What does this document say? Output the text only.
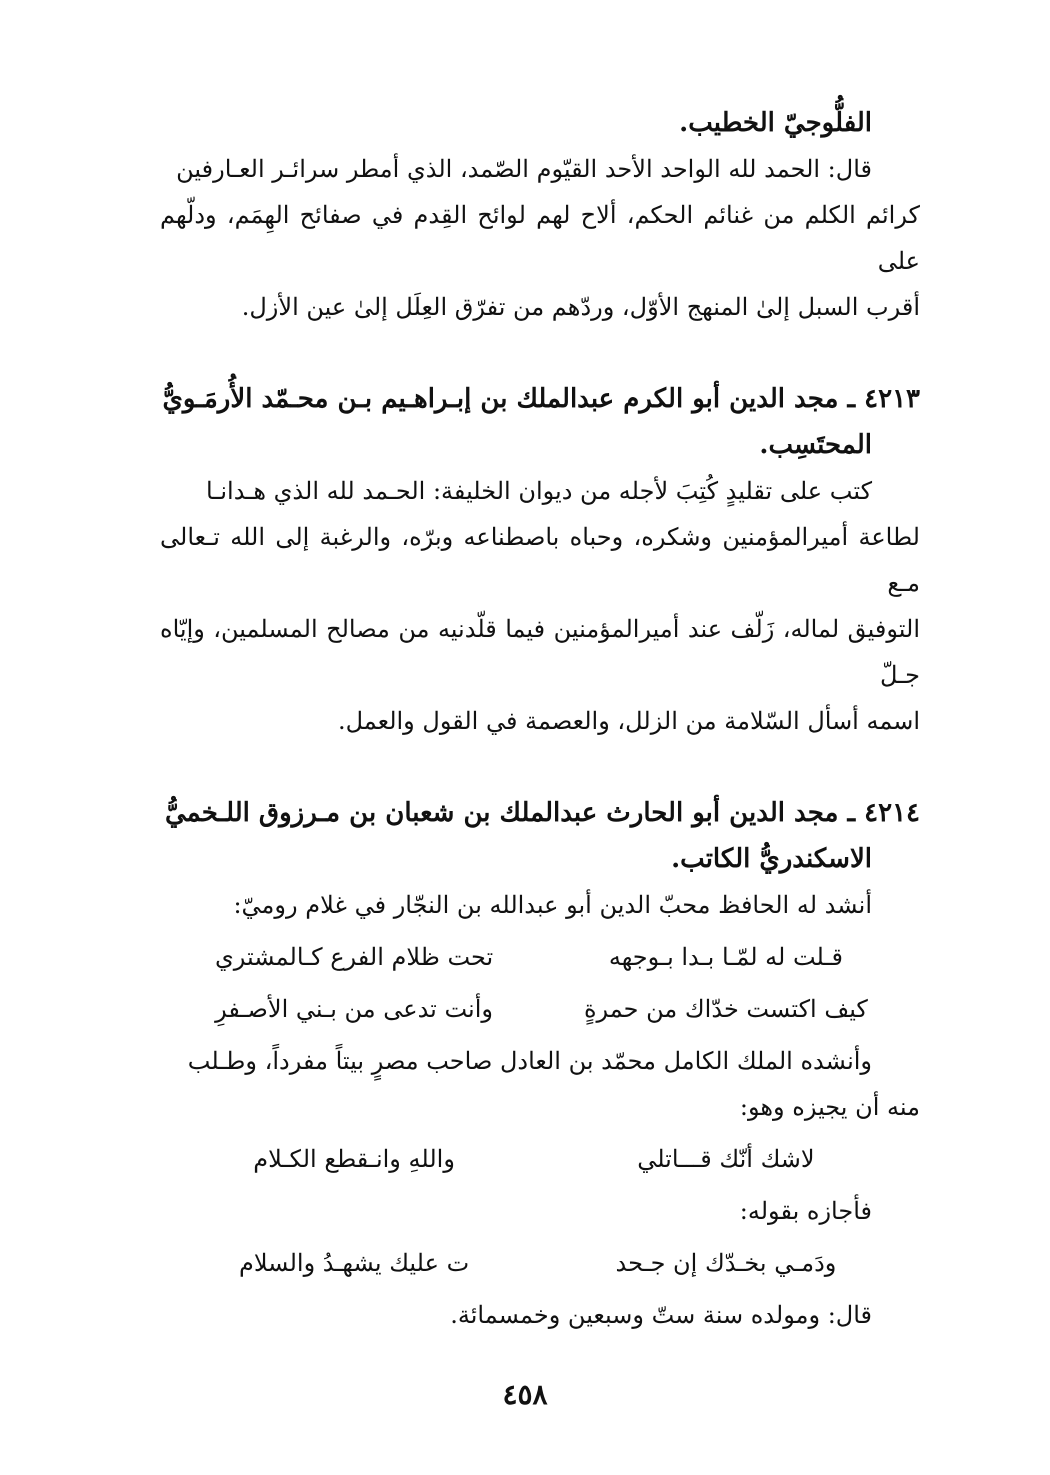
الفلُّوجيّ الخطيب.

قال: الحمد لله الواحد الأحد القيّوم الصّمد، الذي أمطر سرائـر العـارفين

كرائم الكلم من غنائم الحكم، ألاح لهم لوائح القِدم في صفائح الهِمَم، ودلّهم على

أقرب السبل إلىٰ المنهج الأوّل، وردّهم من تفرّق العِلَل إلىٰ عين الأزل.

٤٢١٣ ـ مجد الدين أبو الكرم عبدالملك بن إبـراهـيم بـن محـمّد الأُرمَـويُّ

المحتَسِب.

كتب على تقليدٍ كُتِبَ لأجله من ديوان الخليفة: الحـمد لله الذي هـدانـا

لطاعة أميرالمؤمنين وشكره، وحباه باصطناعه وبرّه، والرغبة إلى الله تـعالى مـع

التوفيق لماله، زَلّف عند أميرالمؤمنين فيما قلّدنيه من مصالح المسلمين، وإيّاه جـلّ

اسمه أسأل السّلامة من الزلل، والعصمة في القول والعمل.

٤٢١٤ ـ مجد الدين أبو الحارث عبدالملك بن شعبان بن مـرزوق اللـخميُّ

الاسكندريُّ الكاتب.

أنشد له الحافظ محبّ الدين أبو عبدالله بن النجّار في غلام روميّ:

قـلت له لمّـا بـدا بـوجهه
تحت ظلام الفرع كـالمشتري
كيف اكتست خدّاك من حمرةٍ
وأنت تدعى من بـني الأصـفرِ

وأنشده الملك الكامل محمّد بن العادل صاحب مصرٍ بيتاً مفرداً، وطـلب

منه أن يجيزه وهو:

لاشك أنّك قـــاتلي
واللهِ وانـقطع الكـلام

فأجازه بقوله:

ودَمـي بخـدّك إن جـحد
ت عليك يشهـدُ والسلام

قال: ومولده سنة ستّ وسبعين وخمسمائة.

٤٥٨
